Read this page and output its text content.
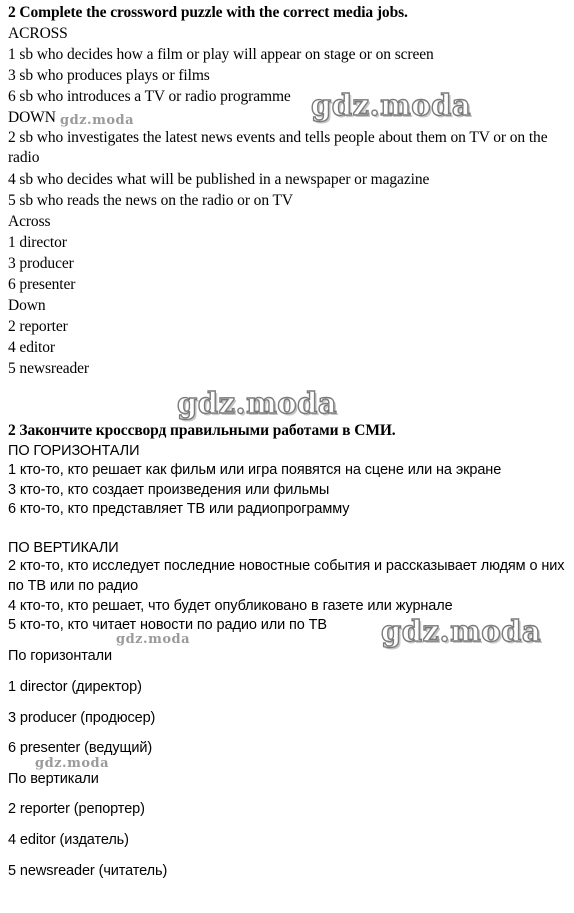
2 Complete the crossword puzzle with the correct media jobs.
ACROSS
1 sb who decides how a film or play will appear on stage or on screen
3 sb who produces plays or films
6 sb who introduces a TV or radio programme
DOWN
2 sb who investigates the latest news events and tells people about them on TV or on the radio
4 sb who decides what will be published in a newspaper or magazine
5 sb who reads the news on the radio or on TV
Across
1 director
3 producer
6 presenter
Down
2 reporter
4 editor
5 newsreader
2 Закончите кроссворд правильными работами в СМИ.
ПО ГОРИЗОНТАЛИ
1 кто-то, кто решает как фильм или игра появятся на сцене или на экране
3 кто-то, кто создает произведения или фильмы
6 кто-то, кто представляет ТВ или радиопрограмму
ПО ВЕРТИКАЛИ
2 кто-то, кто исследует последние новостные события и рассказывает людям о них по ТВ или по радио
4 кто-то, кто решает, что будет опубликовано в газете или журнале
5 кто-то, кто читает новости по радио или по ТВ
По горизонтали
1 director (директор)
3 producer (продюсер)
6 presenter (ведущий)
По вертикали
2 reporter (репортер)
4 editor (издатель)
5 newsreader (читатель)
gdz.moda
gdz.moda
gdz.moda
gdz.moda
gdz.moda
gdz.moda
